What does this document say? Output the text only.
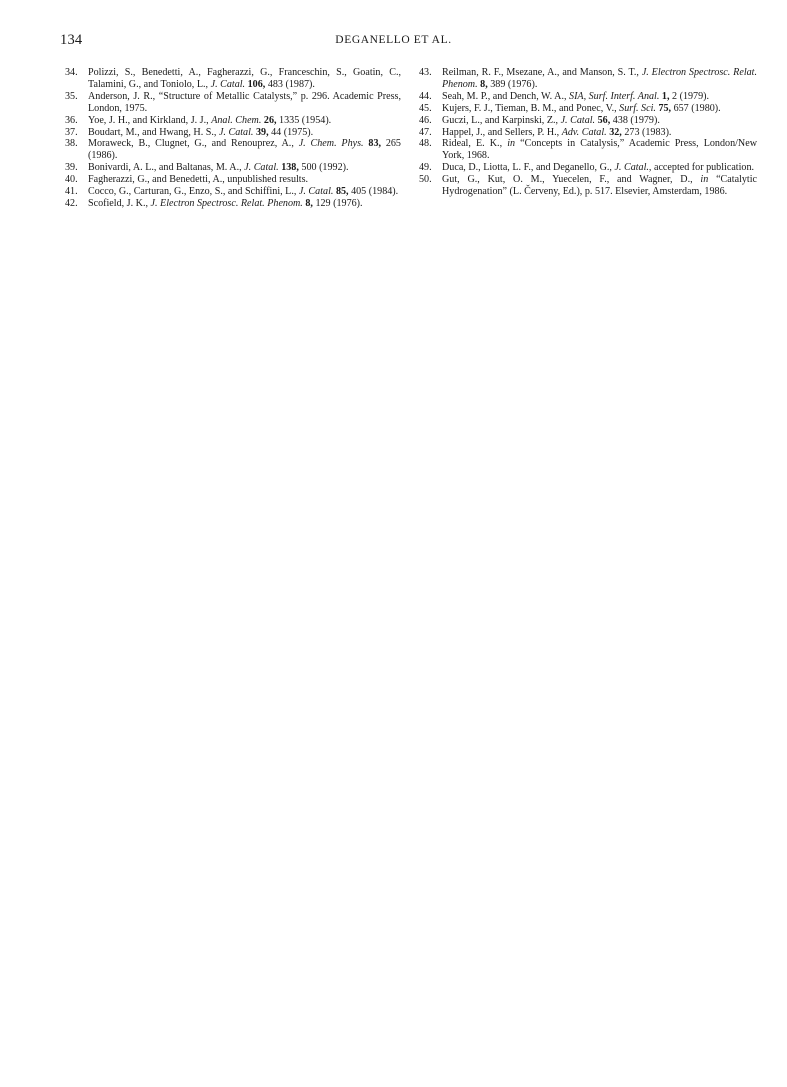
134	DEGANELLO ET AL.
34 .	Polizzi, S., Benedetti, A., Fagherazzi, G., Franceschin, S., Goatin, C., Talamini, G., and Toniolo, L., J. Catal. 106, 483 (1987).
35 .	Anderson, J. R., “Structure of Metallic Catalysts,” p. 296. Academic Press, London, 1975.
36 .	Yoe, J. H., and Kirkland, J. J., Anal. Chem. 26, 1335 (1954).
37 .	Boudart, M., and Hwang, H. S., J. Catal. 39, 44 (1975).
38 .	Moraweck, B., Clugnet, G., and Renouprez, A., J. Chem. Phys. 83, 265 (1986).
39 .	Bonivardi, A. L., and Baltanas, M. A., J. Catal. 138, 500 (1992).
40 .	Fagherazzi, G., and Benedetti, A., unpublished results.
41 .	Cocco, G., Carturan, G., Enzo, S., and Schiffini, L., J. Catal. 85, 405 (1984).
42 .	Scofield, J. K., J. Electron Spectrosc. Relat. Phenom. 8, 129 (1976).
43 .	Reilman, R. F., Msezane, A., and Manson, S. T., J. Electron Spectrosc. Relat. Phenom. 8, 389 (1976).
44 .	Seah, M. P., and Dench, W. A., SIA, Surf. Interf. Anal. 1, 2 (1979).
45 .	Kujers, F. J., Tieman, B. M., and Ponec, V., Surf. Sci. 75, 657 (1980).
46 .	Guczi, L., and Karpinski, Z., J. Catal. 56, 438 (1979).
47 .	Happel, J., and Sellers, P. H., Adv. Catal. 32, 273 (1983).
48 .	Rideal, E. K., in “Concepts in Catalysis,” Academic Press, London/New York, 1968.
49 .	Duca, D., Liotta, L. F., and Deganello, G., J. Catal., accepted for publication.
50 .	Gut, G., Kut, O. M., Yuecelen, F., and Wagner, D., in “Catalytic Hydrogenation” (L. Červeny, Ed.), p. 517. Elsevier, Amsterdam, 1986.
